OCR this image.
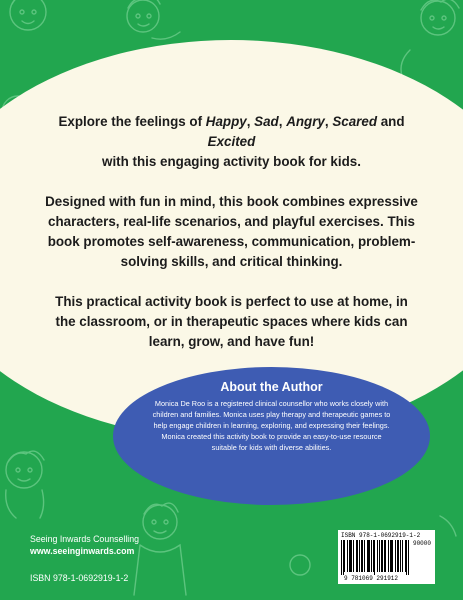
Explore the feelings of Happy, Sad, Angry, Scared and Excited
with this engaging activity book for kids.

Designed with fun in mind, this book combines expressive characters, real-life scenarios, and playful exercises. This book promotes self-awareness, communication, problem-solving skills, and critical thinking.

This practical activity book is perfect to use at home, in the classroom, or in therapeutic spaces where kids can learn, grow, and have fun!

About the Author
Monica De Roo is a registered clinical counsellor who works closely with children and families. Monica uses play therapy and therapeutic games to help engage children in learning, exploring, and expressing their feelings. Monica created this activity book to provide an easy-to-use resource suitable for kids with diverse abilities.
Seeing Inwards Counselling
www.seeinginwards.com
ISBN 978-1-0692919-1-2
ISBN 978-1-0692919-1-2
90000
9 781069 291912
